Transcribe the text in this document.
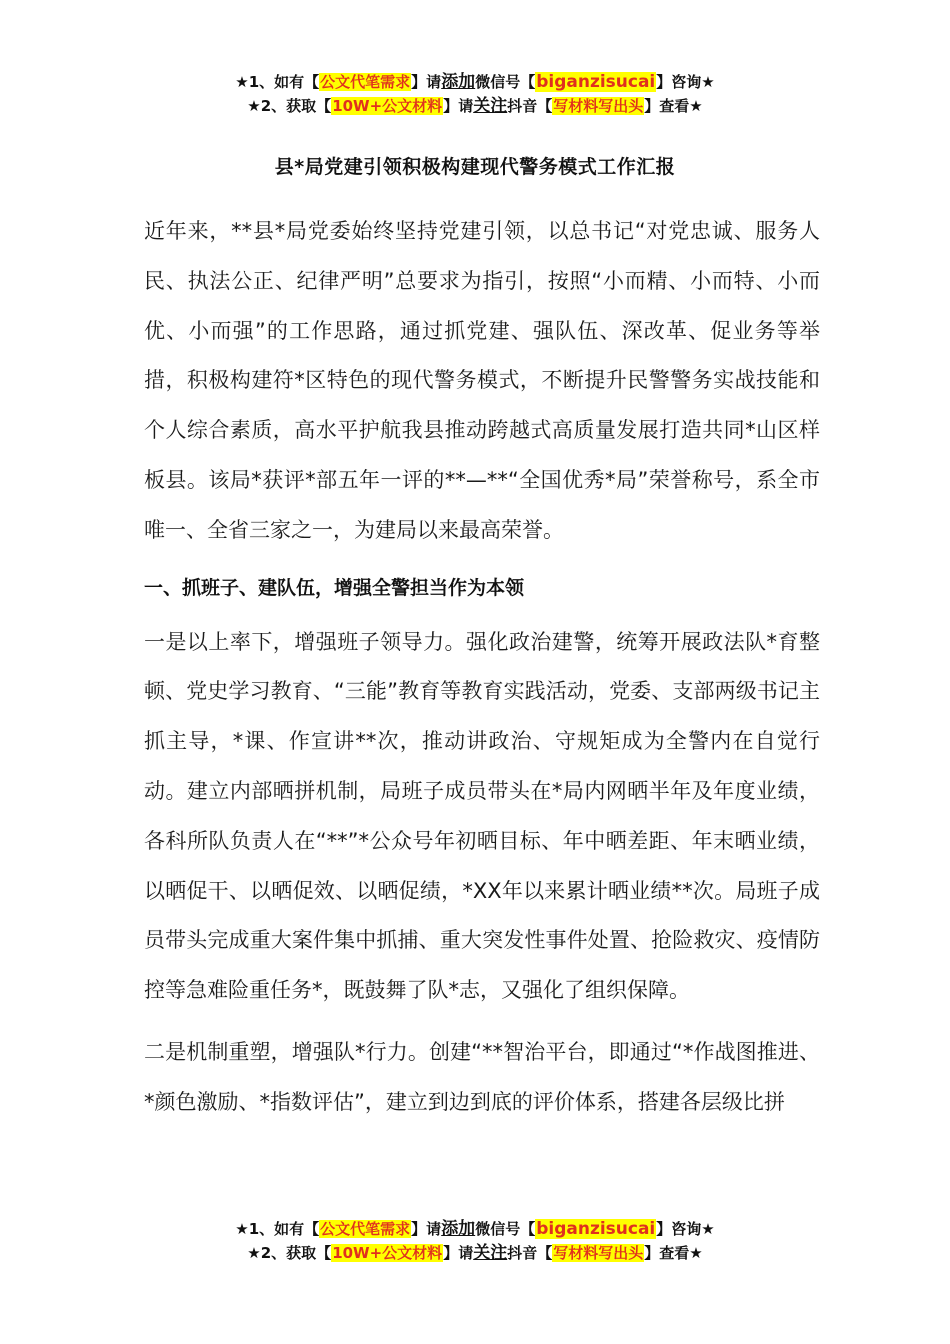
★1、如有【公文代笔需求】请添加微信号【biganzisucai】咨询★
★2、获取【10W+公文材料】请关注抖音【写材料写出头】查看★
县*局党建引领积极构建现代警务模式工作汇报

近年来，**县*局党委始终坚持党建引领，以总书记“对党忠诚、服务人民、执法公正、纪律严明”总要求为指引，按照“小而精、小而特、小而优、小而强”的工作思路，通过抓党建、强队伍、深改革、促业务等举措，积极构建符*区特色的现代警务模式，不断提升民警警务实战技能和个人综合素质，高水平护航我县推动跨越式高质量发展打造共同*山区样板县。该局*获评*部五年一评的**—**“全国优秀*局”荣誉称号，系全市唯一、全省三家之一，为建局以来最高荣誉。

一、抓班子、建队伍，增强全警担当作为本领

一是以上率下，增强班子领导力。强化政治建警，统筹开展政法队*育整顿、党史学习教育、“三能”教育等教育实践活动，党委、支部两级书记主抓主导，*课、作宣讲**次，推动讲政治、守规矩成为全警内在自觉行动。建立内部晒拼机制，局班子成员带头在*局内网晒半年及年度业绩，各科所队负责人在“**”*公众号年初晒目标、年中晒差距、年末晒业绩，以晒促干、以晒促效、以晒促绩，*XX年以来累计晒业绩**次。局班子成员带头完成重大案件集中抓捕、重大突发性事件处置、抢险救灾、疫情防控等急难险重任务*，既鼓舞了队*志，又强化了组织保障。

二是机制重塑，增强队*行力。创建“**智治平台，即通过“*作战图推进、*颜色激励、*指数评估”，建立到边到底的评价体系，搭建各层级比拼

★1、如有【公文代笔需求】请添加微信号【biganzisucai】咨询★
★2、获取【10W+公文材料】请关注抖音【写材料写出头】查看★
